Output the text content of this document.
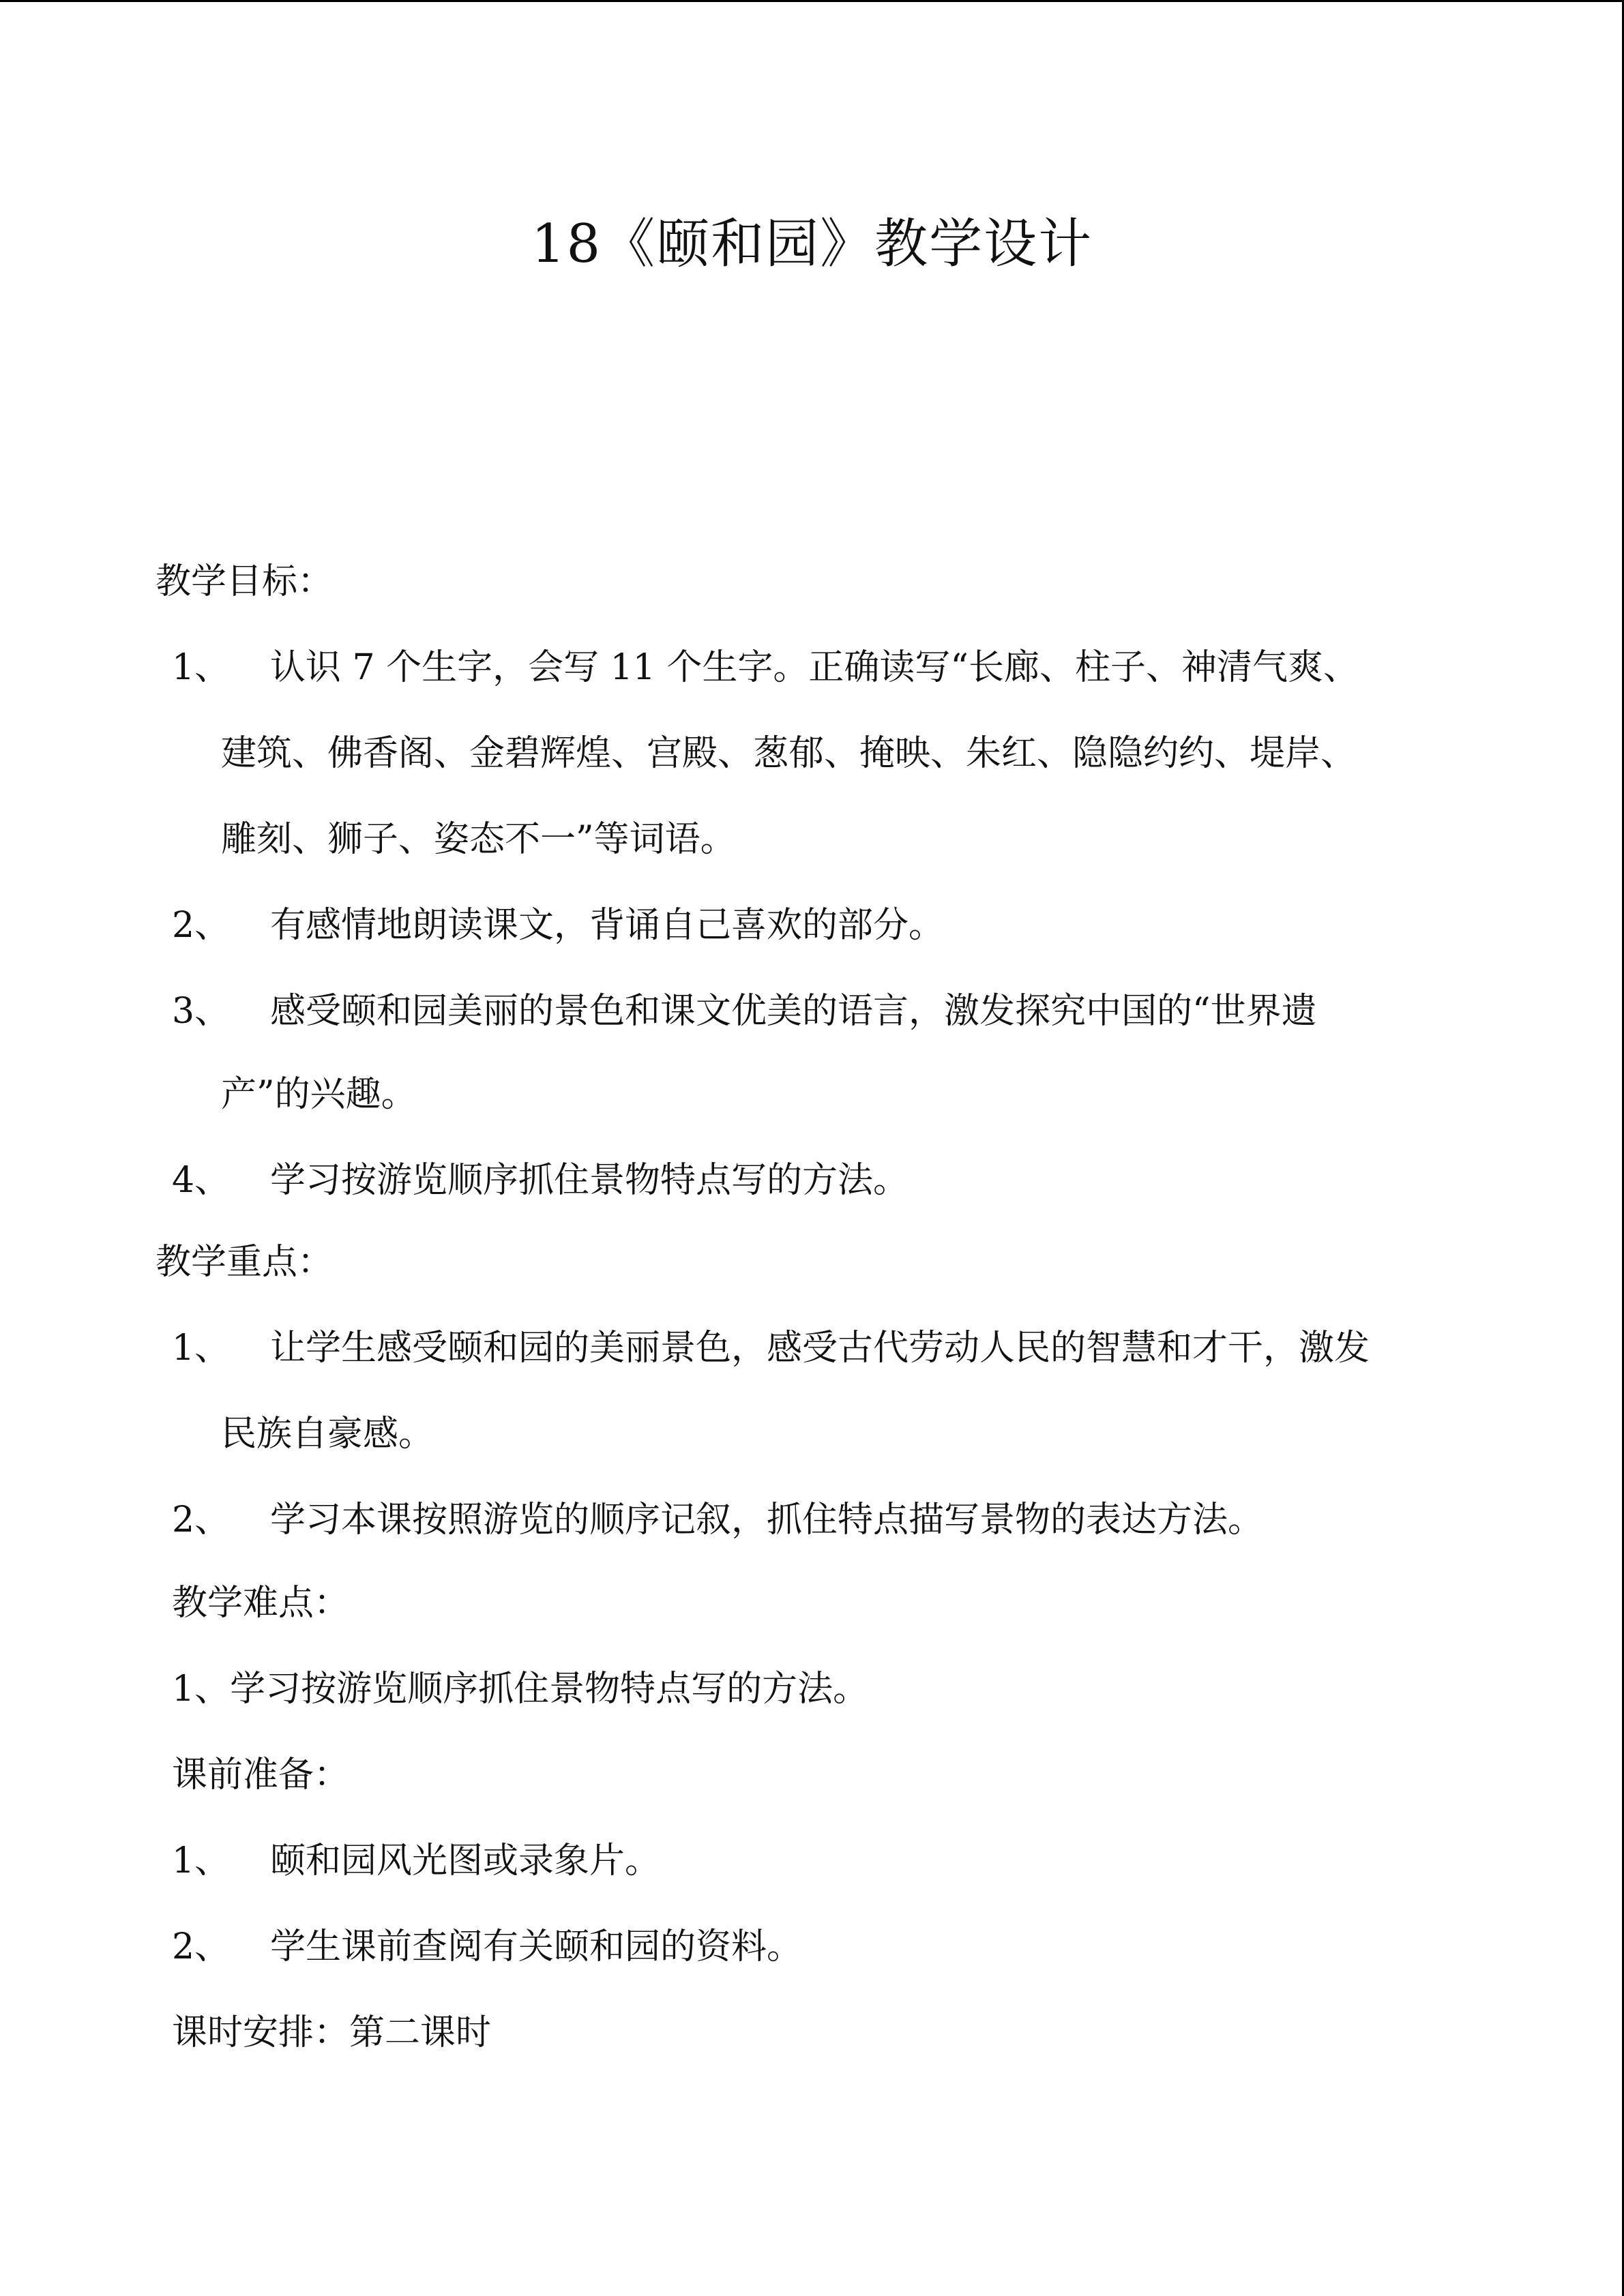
18《颐和园》教学设计
教学目标：
1、 认识 7 个生字，会写 11 个生字。正确读写“长廊、柱子、神清气爽、
建筑、佛香阁、金碧辉煌、宫殿、葱郁、掩映、朱红、隐隐约约、堤岸、
雕刻、狮子、姿态不一”等词语。
2、 有感情地朗读课文，背诵自己喜欢的部分。
3、 感受颐和园美丽的景色和课文优美的语言，激发探究中国的“世界遗
产”的兴趣。
4、 学习按游览顺序抓住景物特点写的方法。
教学重点：
1、 让学生感受颐和园的美丽景色，感受古代劳动人民的智慧和才干，激发
民族自豪感。
2、 学习本课按照游览的顺序记叙，抓住特点描写景物的表达方法。
教学难点：
1、学习按游览顺序抓住景物特点写的方法。
课前准备：
1、 颐和园风光图或录象片。
2、 学生课前查阅有关颐和园的资料。
课时安排：第二课时
